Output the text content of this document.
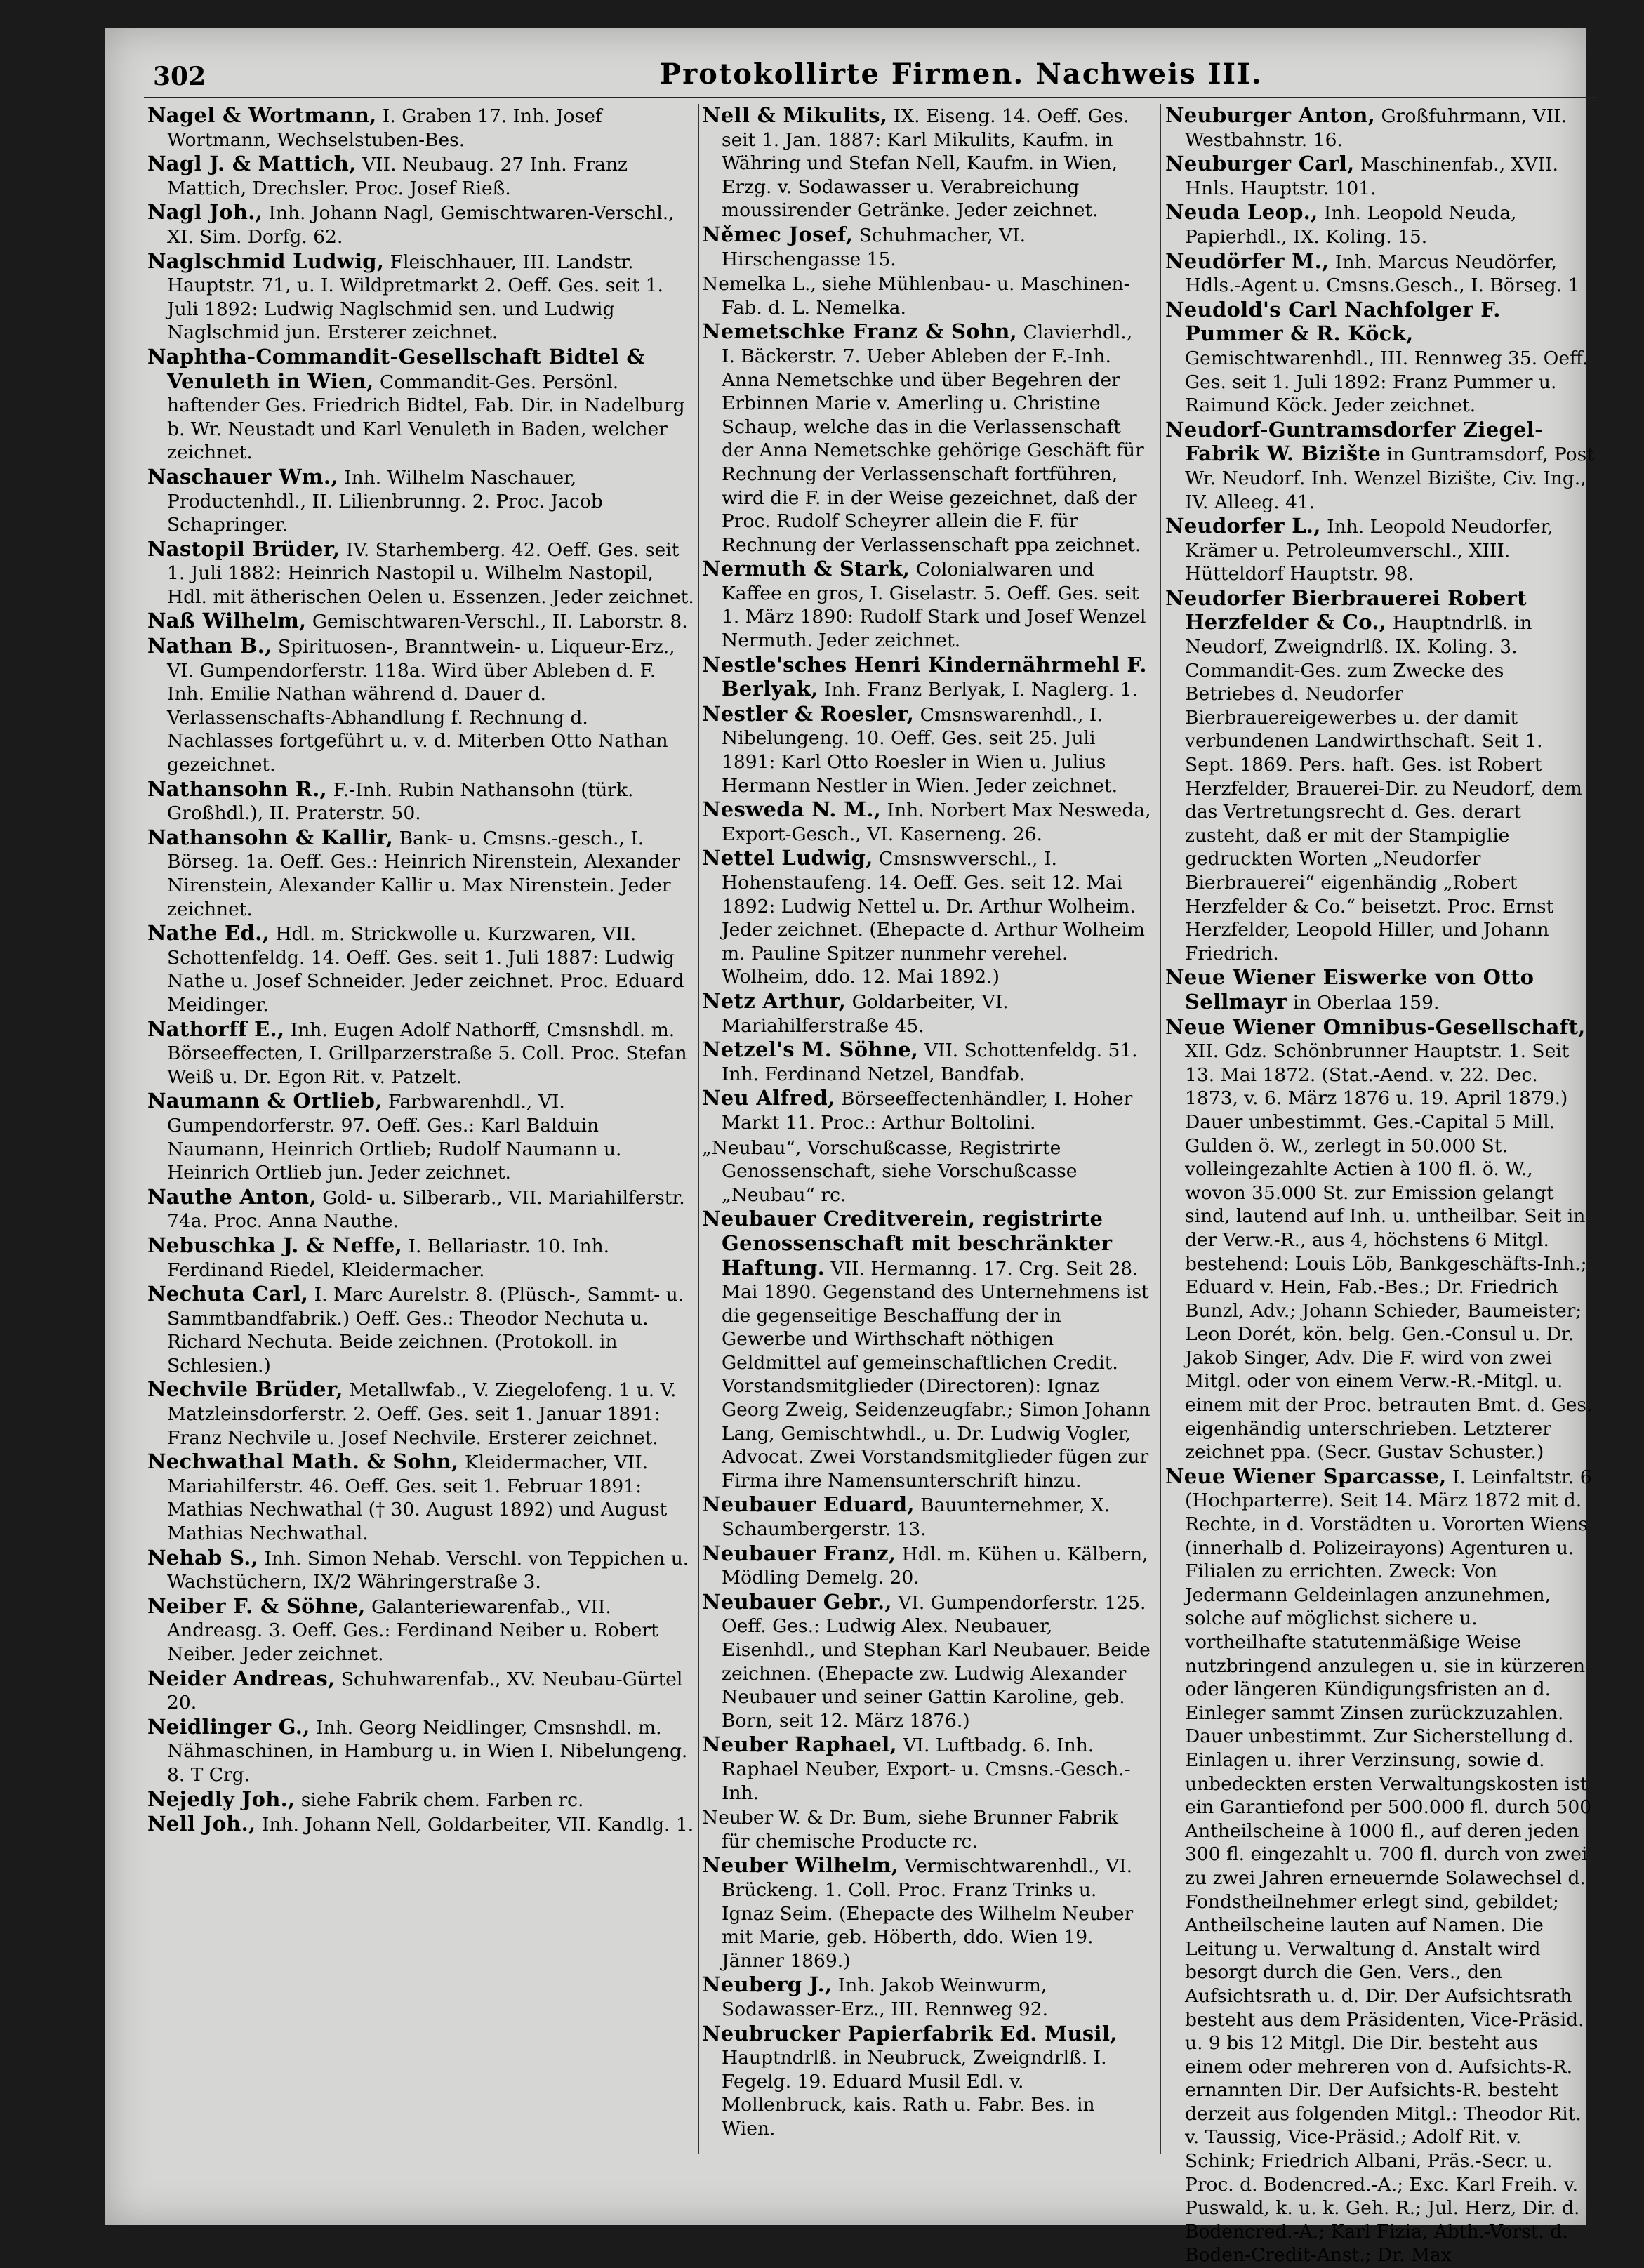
302	Protokollirte Firmen. Nachweis III.
Nagel & Wortmann, I. Graben 17. Inh. Josef Wortmann, Wechselstuben-Bes.
Nagl J. & Mattich, VII. Neubaug. 27 Inh. Franz Mattich, Drechsler. Proc. Josef Rieß.
Nagl Joh., Inh. Johann Nagl, Gemischtwaren-Verschl., XI. Sim. Dorfg. 62.
Naglschmid Ludwig, Fleischhauer, III. Landstr. Hauptstr. 71, u. I. Wildpretmarkt 2. Oeff. Ges. seit 1. Juli 1892: Ludwig Naglschmid sen. und Ludwig Naglschmid jun. Ersterer zeichnet.
Naphtha-Commandit-Gesellschaft Bidtel & Venuleth in Wien, Commandit-Ges. Persönl. haftender Ges. Friedrich Bidtel, Fab. Dir. in Nadelburg b. Wr. Neustadt und Karl Venuleth in Baden, welcher zeichnet.
Naschauer Wm., Inh. Wilhelm Naschauer, Productenhdl., II. Lilienbrunng. 2. Proc. Jacob Schapringer.
Nastopil Brüder, IV. Starhemberg. 42. Oeff. Ges. seit 1. Juli 1882: Heinrich Nastopil u. Wilhelm Nastopil, Hdl. mit ätherischen Oelen u. Essenzen. Jeder zeichnet.
Naß Wilhelm, Gemischtwaren-Verschl., II. Laborstr. 8.
Nathan B., Spirituosen-, Branntwein- u. Liqueur-Erz., VI. Gumpendorferstr. 118a. Wird über Ableben d. F. Inh. Emilie Nathan während d. Dauer d. Verlassenschafts-Abhandlung f. Rechnung d. Nachlasses fortgeführt u. v. d. Miterben Otto Nathan gezeichnet.
Nathansohn R., F.-Inh. Rubin Nathansohn (türk. Großhdl.), II. Praterstr. 50.
Nathansohn & Kallir, Bank- u. Cmsns.-gesch., I. Börseg. 1a. Oeff. Ges.: Heinrich Nirenstein, Alexander Nirenstein, Alexander Kallir u. Max Nirenstein. Jeder zeichnet.
Nathe Ed., Hdl. m. Strickwolle u. Kurzwaren, VII. Schottenfeldg. 14. Oeff. Ges. seit 1. Juli 1887: Ludwig Nathe u. Josef Schneider. Jeder zeichnet. Proc. Eduard Meidinger.
Nathorff E., Inh. Eugen Adolf Nathorff, Cmsnshdl. m. Börseeffecten, I. Grillparzerstraße 5. Coll. Proc. Stefan Weiß u. Dr. Egon Rit. v. Patzelt.
Naumann & Ortlieb, Farbwarenhdl., VI. Gumpendorferstr. 97. Oeff. Ges.: Karl Balduin Naumann, Heinrich Ortlieb; Rudolf Naumann u. Heinrich Ortlieb jun. Jeder zeichnet.
Nauthe Anton, Gold- u. Silberarb., VII. Mariahilferstr. 74a. Proc. Anna Nauthe.
Nebuschka J. & Neffe, I. Bellariastr. 10. Inh. Ferdinand Riedel, Kleidermacher.
Nechuta Carl, I. Marc Aurelstr. 8. (Plüsch-, Sammt- u. Sammtbandfabrik.) Oeff. Ges.: Theodor Nechuta u. Richard Nechuta. Beide zeichnen. (Protokoll. in Schlesien.)
Nechvile Brüder, Metallwfab., V. Ziegelofeng. 1 u. V. Matzleinsdorferstr. 2. Oeff. Ges. seit 1. Januar 1891: Franz Nechvile u. Josef Nechvile. Ersterer zeichnet.
Nechwathal Math. & Sohn, Kleidermacher, VII. Mariahilferstr. 46. Oeff. Ges. seit 1. Februar 1891: Mathias Nechwathal († 30. August 1892) und August Mathias Nechwathal.
Nehab S., Inh. Simon Nehab. Verschl. von Teppichen u. Wachstüchern, IX/2 Währingerstraße 3.
Neiber F. & Söhne, Galanteriewarenfab., VII. Andreasg. 3. Oeff. Ges.: Ferdinand Neiber u. Robert Neiber. Jeder zeichnet.
Neider Andreas, Schuhwarenfab., XV. Neubau-Gürtel 20.
Neidlinger G., Inh. Georg Neidlinger, Cmsnshdl. m. Nähmaschinen, in Hamburg u. in Wien I. Nibelungeng. 8. T Crg.
Nejedly Joh., siehe Fabrik chem. Farben rc.
Nell Joh., Inh. Johann Nell, Goldarbeiter, VII. Kandlg. 1.
Nell & Mikulits, IX. Eiseng. 14. Oeff. Ges. seit 1. Jan. 1887: Karl Mikulits, Kaufm. in Währing und Stefan Nell, Kaufm. in Wien, Erzg. v. Sodawasser u. Verabreichung moussirender Getränke. Jeder zeichnet.
Němec Josef, Schuhmacher, VI. Hirschengasse 15.
Nemelka L., siehe Mühlenbau- u. Maschinen-Fab. d. L. Nemelka.
Nemetschke Franz & Sohn, Clavierhdl., I. Bäckerstr. 7. Ueber Ableben der F.-Inh. Anna Nemetschke und über Begehren der Erbinnen Marie v. Amerling u. Christine Schaup, welche das in die Verlassenschaft der Anna Nemetschke gehörige Geschäft für Rechnung der Verlassenschaft fortführen, wird die F. in der Weise gezeichnet, daß der Proc. Rudolf Scheyrer allein die F. für Rechnung der Verlassenschaft ppa zeichnet.
Nermuth & Stark, Colonialwaren und Kaffee en gros, I. Giselastr. 5. Oeff. Ges. seit 1. März 1890: Rudolf Stark und Josef Wenzel Nermuth. Jeder zeichnet.
Nestle'sches Henri Kindernährmehl F. Berlyak, Inh. Franz Berlyak, I. Naglerg. 1.
Nestler & Roesler, Cmsnswarenhdl., I. Nibelungeng. 10. Oeff. Ges. seit 25. Juli 1891: Karl Otto Roesler in Wien u. Julius Hermann Nestler in Wien. Jeder zeichnet.
Nesweda N. M., Inh. Norbert Max Nesweda, Export-Gesch., VI. Kaserneng. 26.
Nettel Ludwig, Cmsnswverschl., I. Hohenstaufeng. 14. Oeff. Ges. seit 12. Mai 1892: Ludwig Nettel u. Dr. Arthur Wolheim. Jeder zeichnet. (Ehepacte d. Arthur Wolheim m. Pauline Spitzer nunmehr verehel. Wolheim, ddo. 12. Mai 1892.)
Netz Arthur, Goldarbeiter, VI. Mariahilferstraße 45.
Netzel's M. Söhne, VII. Schottenfeldg. 51. Inh. Ferdinand Netzel, Bandfab.
Neu Alfred, Börseeffectenhändler, I. Hoher Markt 11. Proc.: Arthur Boltolini.
„Neubau“, Vorschußcasse, Registrirte Genossenschaft, siehe Vorschußcasse „Neubau“ rc.
Neubauer Creditverein, registrirte Genossenschaft mit beschränkter Haftung. VII. Hermanng. 17. Crg. Seit 28. Mai 1890. Gegenstand des Unternehmens ist die gegenseitige Beschaffung der in Gewerbe und Wirthschaft nöthigen Geldmittel auf gemeinschaftlichen Credit. Vorstandsmitglieder (Directoren): Ignaz Georg Zweig, Seidenzeugfabr.; Simon Johann Lang, Gemischtwhdl., u. Dr. Ludwig Vogler, Advocat. Zwei Vorstandsmitglieder fügen zur Firma ihre Namensunterschrift hinzu.
Neubauer Eduard, Bauunternehmer, X. Schaumbergerstr. 13.
Neubauer Franz, Hdl. m. Kühen u. Kälbern, Mödling Demelg. 20.
Neubauer Gebr., VI. Gumpendorferstr. 125. Oeff. Ges.: Ludwig Alex. Neubauer, Eisenhdl., und Stephan Karl Neubauer. Beide zeichnen. (Ehepacte zw. Ludwig Alexander Neubauer und seiner Gattin Karoline, geb. Born, seit 12. März 1876.)
Neuber Raphael, VI. Luftbadg. 6. Inh. Raphael Neuber, Export- u. Cmsns.-Gesch.-Inh.
Neuber W. & Dr. Bum, siehe Brunner Fabrik für chemische Producte rc.
Neuber Wilhelm, Vermischtwarenhdl., VI. Brückeng. 1. Coll. Proc. Franz Trinks u. Ignaz Seim. (Ehepacte des Wilhelm Neuber mit Marie, geb. Höberth, ddo. Wien 19. Jänner 1869.)
Neuberg J., Inh. Jakob Weinwurm, Sodawasser-Erz., III. Rennweg 92.
Neubrucker Papierfabrik Ed. Musil, Hauptndrlß. in Neubruck, Zweigndrlß. I. Fegelg. 19. Eduard Musil Edl. v. Mollenbruck, kais. Rath u. Fabr. Bes. in Wien.
Neuburger Anton, Großfuhrmann, VII. Westbahnstr. 16.
Neuburger Carl, Maschinenfab., XVII. Hnls. Hauptstr. 101.
Neuda Leop., Inh. Leopold Neuda, Papierhdl., IX. Koling. 15.
Neudörfer M., Inh. Marcus Neudörfer, Hdls.-Agent u. Cmsns.Gesch., I. Börseg. 1
Neudold's Carl Nachfolger F. Pummer & R. Köck, Gemischtwarenhdl., III. Rennweg 35. Oeff. Ges. seit 1. Juli 1892: Franz Pummer u. Raimund Köck. Jeder zeichnet.
Neudorf-Guntramsdorfer Ziegel-Fabrik W. Bizište in Guntramsdorf, Post Wr. Neudorf. Inh. Wenzel Bizište, Civ. Ing., IV. Alleeg. 41.
Neudorfer L., Inh. Leopold Neudorfer, Krämer u. Petroleumverschl., XIII. Hütteldorf Hauptstr. 98.
Neudorfer Bierbrauerei Robert Herzfelder & Co., Hauptndrlß. in Neudorf, Zweigndrlß. IX. Koling. 3. Commandit-Ges. zum Zwecke des Betriebes d. Neudorfer Bierbrauereigewerbes u. der damit verbundenen Landwirthschaft. Seit 1. Sept. 1869. Pers. haft. Ges. ist Robert Herzfelder, Brauerei-Dir. zu Neudorf, dem das Vertretungsrecht d. Ges. derart zusteht, daß er mit der Stampiglie gedruckten Worten „Neudorfer Bierbrauerei“ eigenhändig „Robert Herzfelder & Co.“ beisetzt. Proc. Ernst Herzfelder, Leopold Hiller, und Johann Friedrich.
Neue Wiener Eiswerke von Otto Sellmayr in Oberlaa 159.
Neue Wiener Omnibus-Gesellschaft, XII. Gdz. Schönbrunner Hauptstr. 1. Seit 13. Mai 1872. (Stat.-Aend. v. 22. Dec. 1873, v. 6. März 1876 u. 19. April 1879.) Dauer unbestimmt. Ges.-Capital 5 Mill. Gulden ö. W., zerlegt in 50.000 St. volleingezahlte Actien à 100 fl. ö. W., wovon 35.000 St. zur Emission gelangt sind, lautend auf Inh. u. untheilbar. Seit in der Verw.-R., aus 4, höchstens 6 Mitgl. bestehend: Louis Löb, Bankgeschäfts-Inh.; Eduard v. Hein, Fab.-Bes.; Dr. Friedrich Bunzl, Adv.; Johann Schieder, Baumeister; Leon Dorét, kön. belg. Gen.-Consul u. Dr. Jakob Singer, Adv. Die F. wird von zwei Mitgl. oder von einem Verw.-R.-Mitgl. u. einem mit der Proc. betrauten Bmt. d. Ges. eigenhändig unterschrieben. Letzterer zeichnet ppa. (Secr. Gustav Schuster.)
Neue Wiener Sparcasse, I. Leinfaltstr. 6 (Hochparterre). Seit 14. März 1872 mit d. Rechte, in d. Vorstädten u. Vororten Wiens (innerhalb d. Polizeirayons) Agenturen u. Filialen zu errichten. Zweck: Von Jedermann Geldeinlagen anzunehmen, solche auf möglichst sichere u. vortheilhafte statutenmäßige Weise nutzbringend anzulegen u. sie in kürzeren oder längeren Kündigungsfristen an d. Einleger sammt Zinsen zurückzuzahlen. Dauer unbestimmt. Zur Sicherstellung d. Einlagen u. ihrer Verzinsung, sowie d. unbedeckten ersten Verwaltungskosten ist ein Garantiefond per 500.000 fl. durch 500 Antheilscheine à 1000 fl., auf deren jeden 300 fl. eingezahlt u. 700 fl. durch von zwei zu zwei Jahren erneuernde Solawechsel d. Fondstheilnehmer erlegt sind, gebildet; Antheilscheine lauten auf Namen. Die Leitung u. Verwaltung d. Anstalt wird besorgt durch die Gen. Vers., den Aufsichtsrath u. d. Dir. Der Aufsichtsrath besteht aus dem Präsidenten, Vice-Präsid. u. 9 bis 12 Mitgl. Die Dir. besteht aus einem oder mehreren von d. Aufsichts-R. ernannten Dir. Der Aufsichts-R. besteht derzeit aus folgenden Mitgl.: Theodor Rit. v. Taussig, Vice-Präsid.; Adolf Rit. v. Schink; Friedrich Albani, Präs.-Secr. u. Proc. d. Bodencred.-A.; Exc. Karl Freih. v. Puswald, k. u. k. Geh. R.; Jul. Herz, Dir. d. Bodencred.-A.; Karl Fizia, Abth.-Vorst. d. Boden-Credit-Anst.; Dr. Max
